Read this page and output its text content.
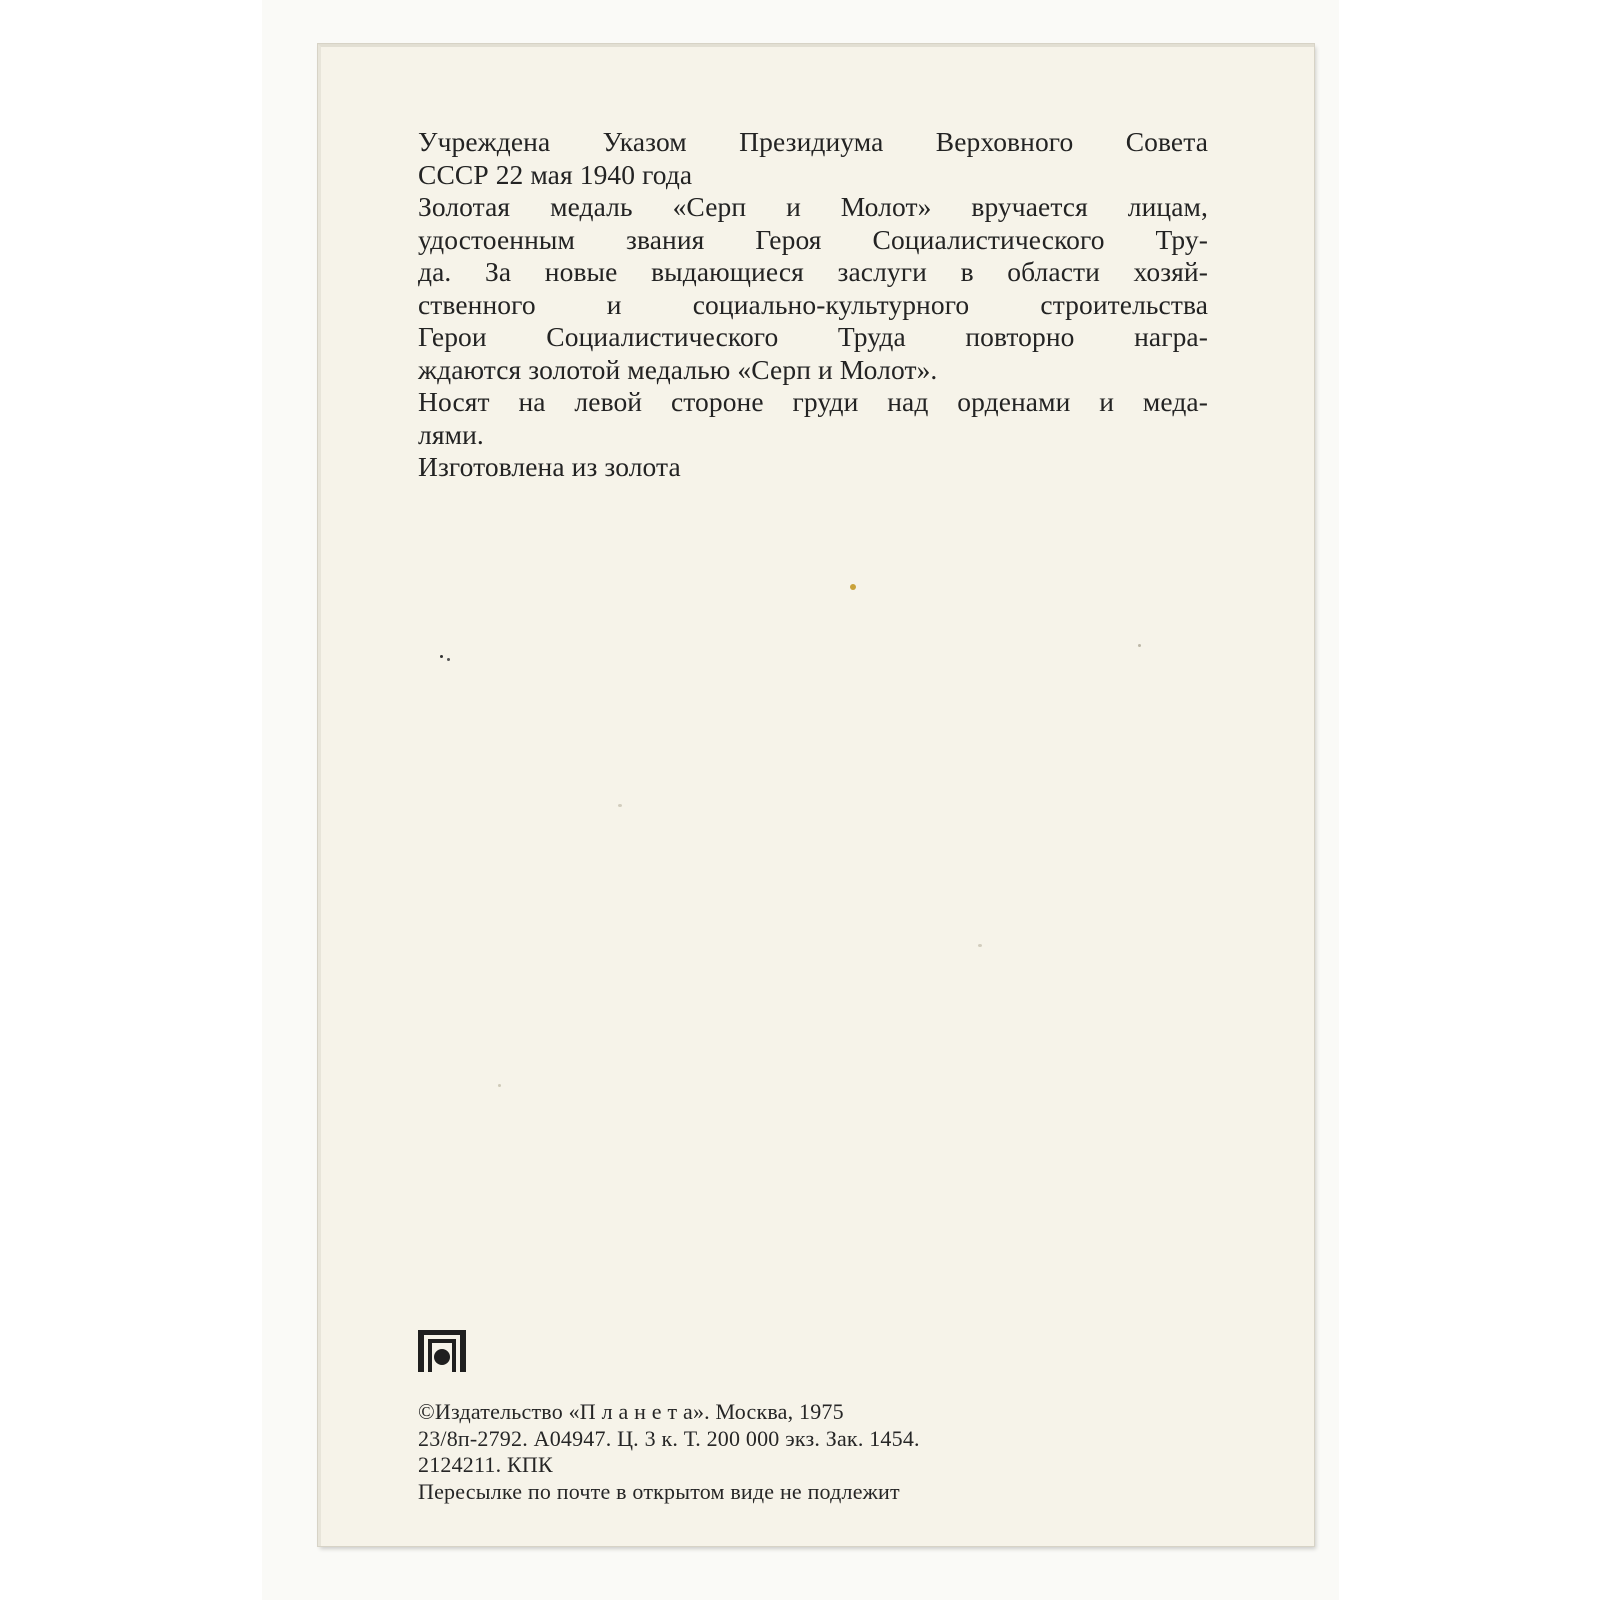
Учреждена Указом Президиума Верховного Совета
СССР 22 мая 1940 года
Золотая медаль «Серп и Молот» вручается лицам,
удостоенным звания Героя Социалистического Тру-
да. За новые выдающиеся заслуги в области хозяй-
ственного и социально-культурного строительства
Герои Социалистического Труда повторно награ-
ждаются золотой медалью «Серп и Молот».
Носят на левой стороне груди над орденами и меда-
лями.
Изготовлена из золота
©Издательство «П л а н е т а». Москва, 1975
23/8п-2792. А04947. Ц. 3 к. Т. 200 000 экз. Зак. 1454.
2124211. КПК
Пересылке по почте в открытом виде не подлежит
